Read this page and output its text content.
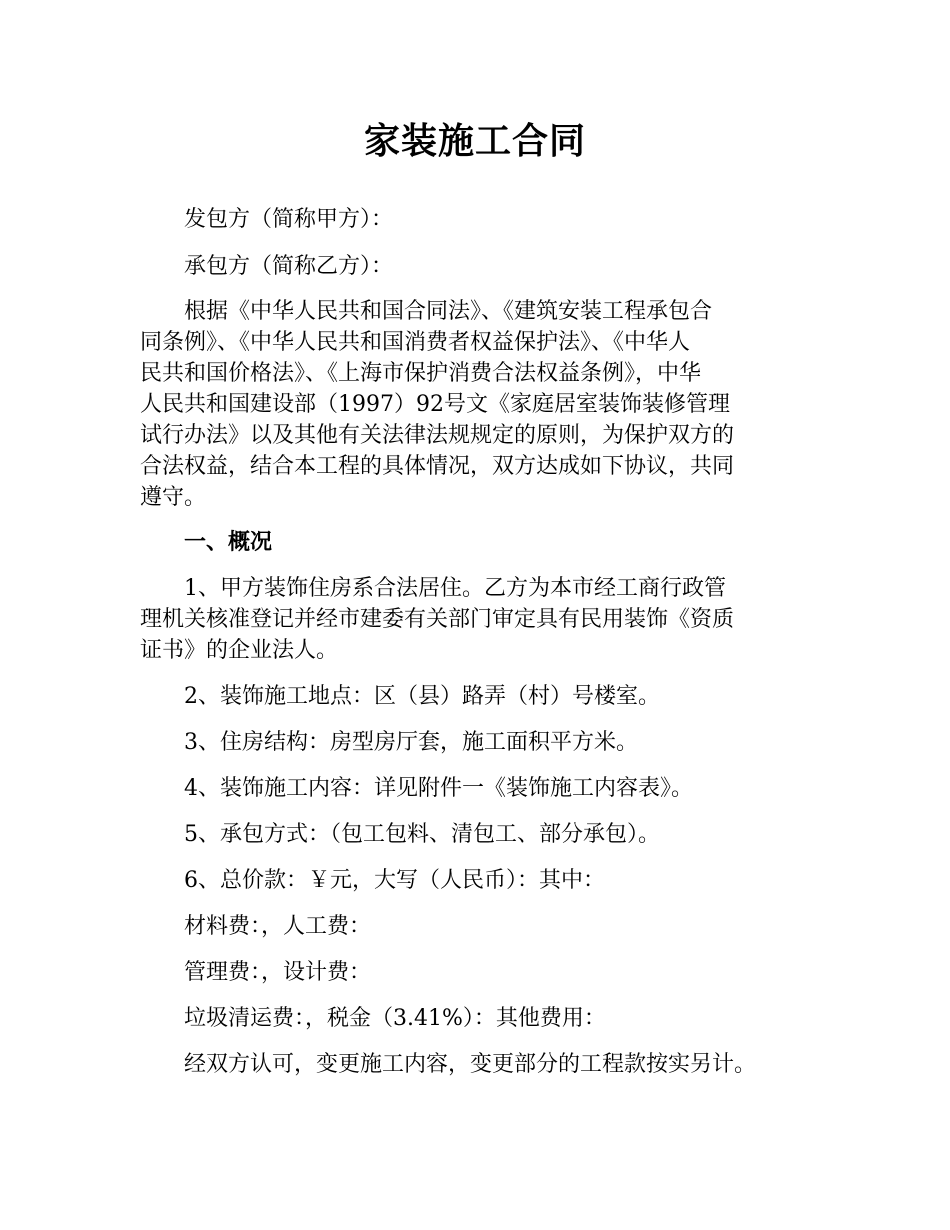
家装施工合同
发包方（简称甲方）：
承包方（简称乙方）：
根据《中华人民共和国合同法》、《建筑安装工程承包合
同条例》、《中华人民共和国消费者权益保护法》、《中华人
民共和国价格法》、《上海市保护消费合法权益条例》，中华
人民共和国建设部（1997）92号文《家庭居室装饰装修管理
试行办法》以及其他有关法律法规规定的原则，为保护双方的
合法权益，结合本工程的具体情况，双方达成如下协议，共同
遵守。
一、概况
1、甲方装饰住房系合法居住。乙方为本市经工商行政管
理机关核准登记并经市建委有关部门审定具有民用装饰《资质
证书》的企业法人。
2、装饰施工地点：区（县）路弄（村）号楼室。
3、住房结构：房型房厅套，施工面积平方米。
4、装饰施工内容：详见附件一《装饰施工内容表》。
5、承包方式：（包工包料、清包工、部分承包）。
6、总价款：￥元，大写（人民币）：其中：
材料费：，人工费：
管理费：，设计费：
垃圾清运费：，税金（3.41%）：其他费用：
经双方认可，变更施工内容，变更部分的工程款按实另计。
